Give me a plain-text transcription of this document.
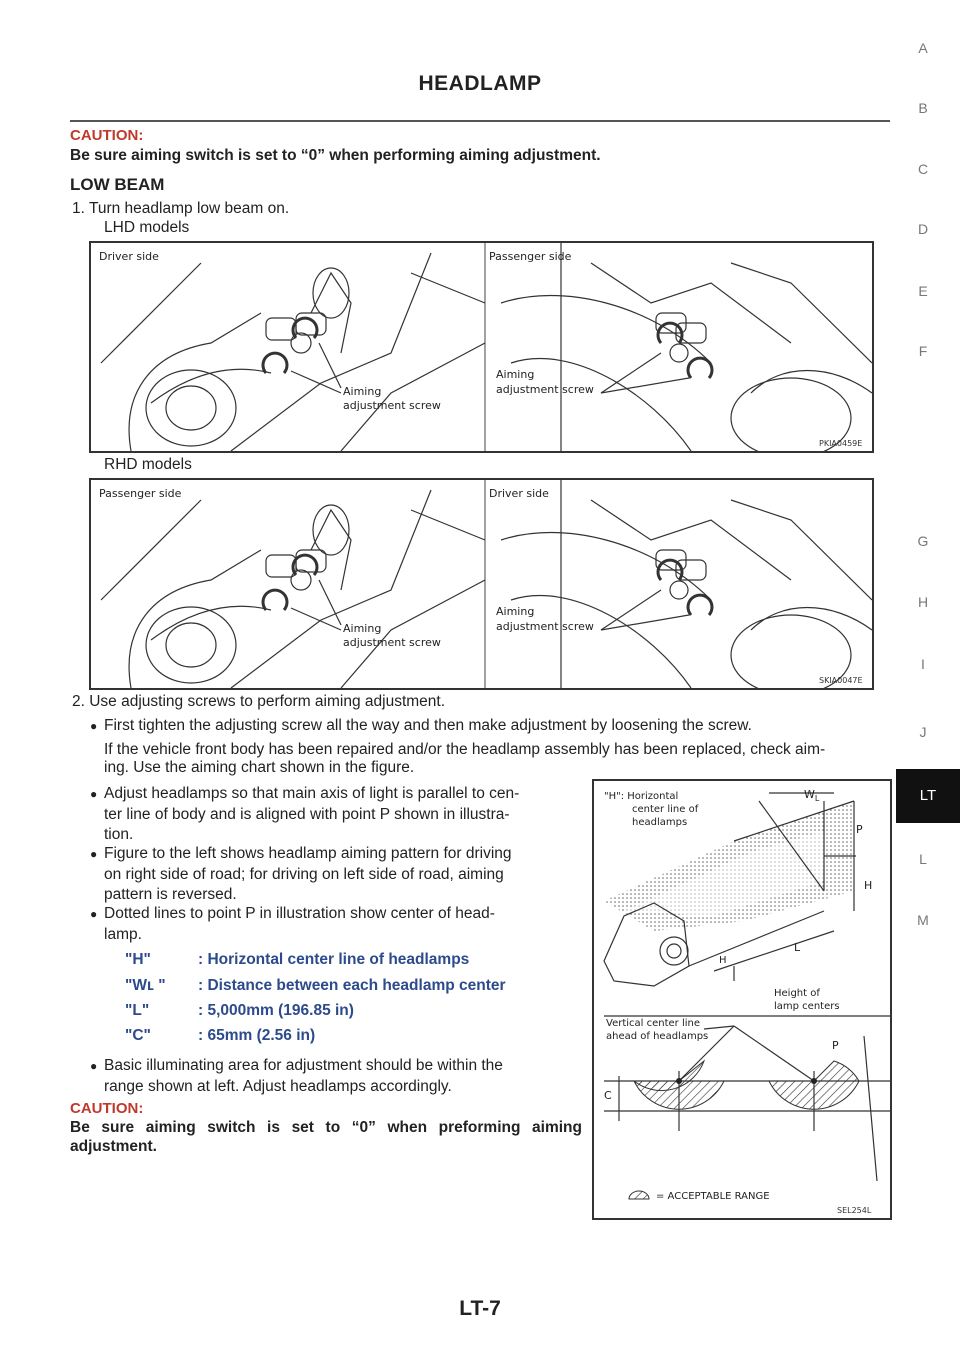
HEADLAMP
CAUTION:
Be sure aiming switch is set to “0” when performing aiming adjustment.
LOW BEAM
1. Turn headlamp low beam on.
LHD models
Driver side	Passenger side
Aiming
adjustment screw
Aiming
adjustment screw
PKIA0459E
RHD models
Passenger side	Driver side
Aiming
adjustment screw
Aiming
adjustment screw
SKIA0047E
2. Use adjusting screws to perform aiming adjustment.
● First tighten the adjusting screw all the way and then make adjustment by loosening the screw.
If the vehicle front body has been repaired and/or the headlamp assembly has been replaced, check aim-
ing. Use the aiming chart shown in the figure.
● Adjust headlamps so that main axis of light is parallel to cen-
ter line of body and is aligned with point P shown in illustra-
tion.
● Figure to the left shows headlamp aiming pattern for driving
on right side of road; for driving on left side of road, aiming
pattern is reversed.
● Dotted lines to point P in illustration show center of head-
lamp.
"H"	: Horizontal center line of headlamps
"Wʟ " : Distance between each headlamp center
"L"	: 5,000mm (196.85 in)
"C"	: 65mm (2.56 in)
● Basic illuminating area for adjustment should be within the
range shown at left. Adjust headlamps accordingly.
CAUTION:
Be sure aiming switch is set to “0” when preforming aiming
adjustment.
"H": Horizontal
center line of
headlamps
$W_L$
P
H
L
H
Vertical center line
ahead of headlamps
Height of
lamp centers
C
P
= ACCEPTABLE RANGE
SEL254L
A
B
C
D
E
F
G
H
I
J
LT
L
M
LT-7
